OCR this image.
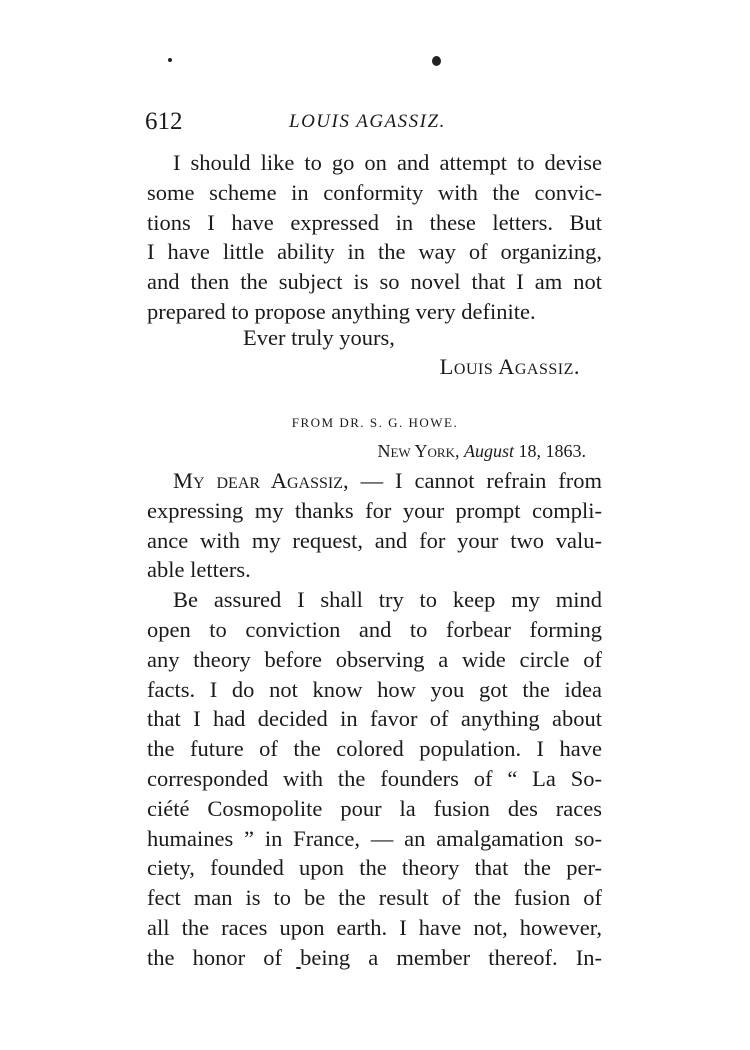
612	LOUIS AGASSIZ.
I should like to go on and attempt to devise
some scheme in conformity with the convic-
tions I have expressed in these letters. But
I have little ability in the way of organizing,
and then the subject is so novel that I am not
prepared to propose anything very definite.
Ever truly yours,
Louis Agassiz.
FROM DR. S. G. HOWE.
New York, August 18, 1863.
My dear Agassiz, — I cannot refrain from
expressing my thanks for your prompt compli-
ance with my request, and for your two valu-
able letters.
Be assured I shall try to keep my mind
open to conviction and to forbear forming
any theory before observing a wide circle of
facts. I do not know how you got the idea
that I had decided in favor of anything about
the future of the colored population. I have
corresponded with the founders of “ La So-
ciété Cosmopolite pour la fusion des races
humaines ” in France, — an amalgamation so-
ciety, founded upon the theory that the per-
fect man is to be the result of the fusion of
all the races upon earth. I have not, however,
the honor of being a member thereof. In-
